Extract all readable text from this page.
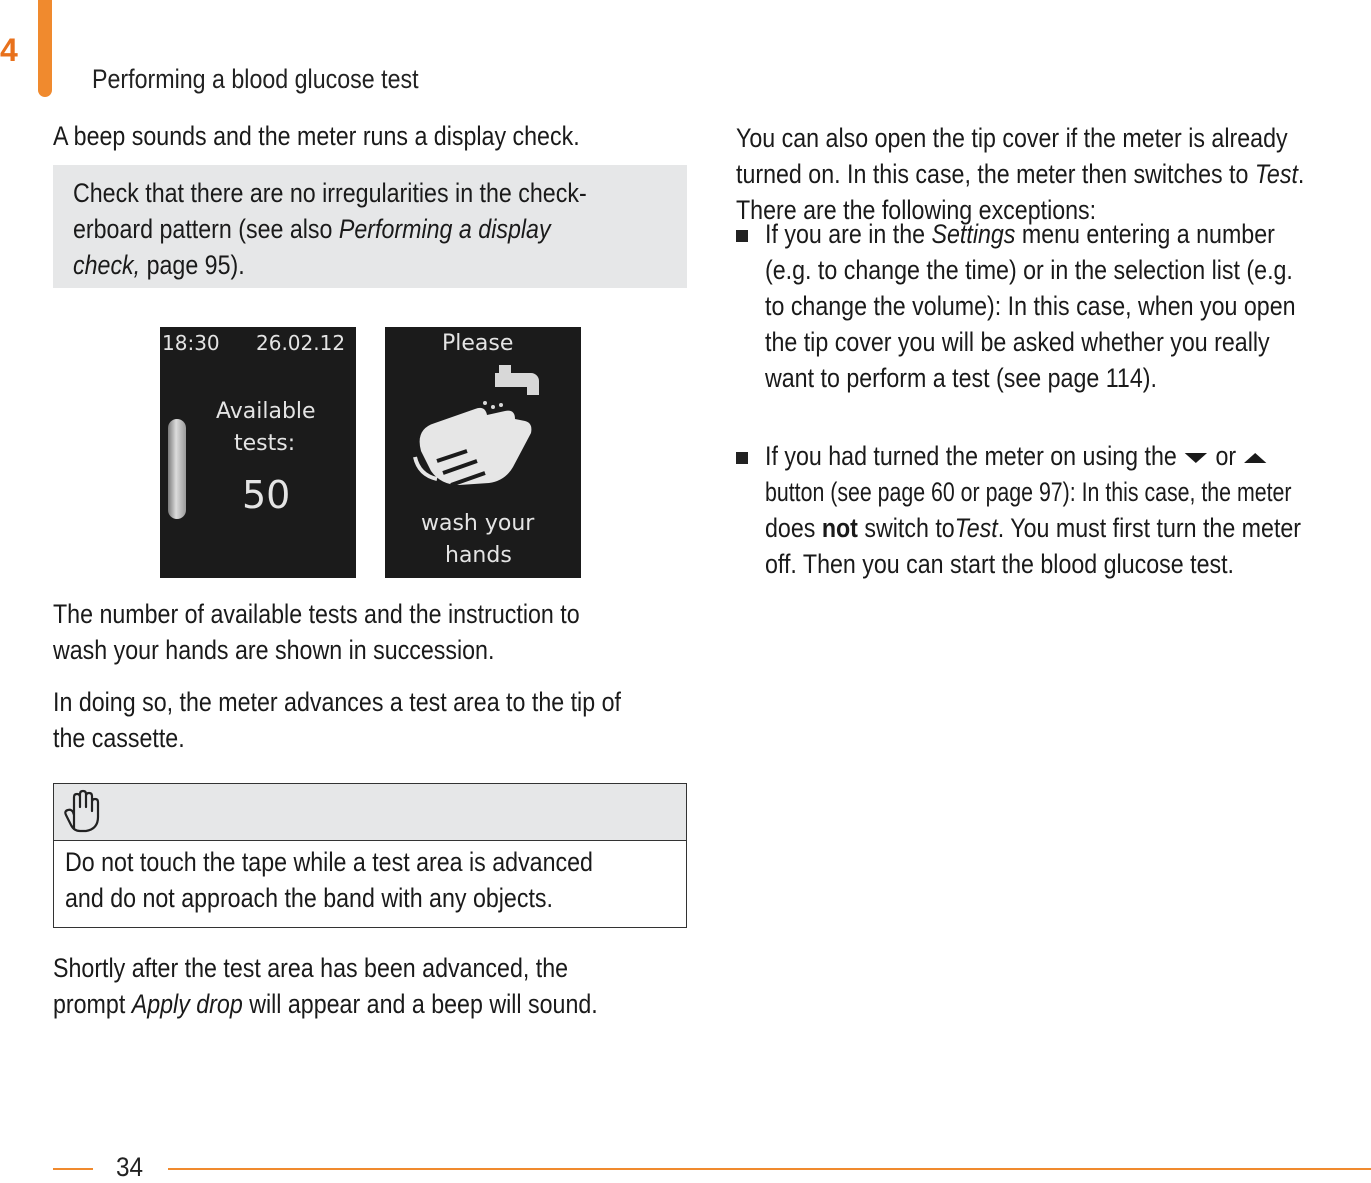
4
Performing a blood glucose test
A beep sounds and the meter runs a display check.
Check that there are no irregularities in the check-
erboard pattern (see also Performing a display
check, page 95).
18:30 26.02.12
Available
tests:
50
Please
wash your
hands
The number of available tests and the instruction to
wash your hands are shown in succession.
In doing so, the meter advances a test area to the tip of
the cassette.
Do not touch the tape while a test area is advanced
and do not approach the band with any objects.
Shortly after the test area has been advanced, the
prompt Apply drop will appear and a beep will sound.
You can also open the tip cover if the meter is already
turned on. In this case, the meter then switches to Test.
There are the following exceptions:
If you are in the Settings menu entering a number
(e.g. to change the time) or in the selection list (e.g.
to change the volume): In this case, when you open
the tip cover you will be asked whether you really
want to perform a test (see page 114).
If you had turned the meter on using the  or
button (see page 60 or page 97): In this case, the meter
does not switch toTest. You must first turn the meter
off. Then you can start the blood glucose test.
34
